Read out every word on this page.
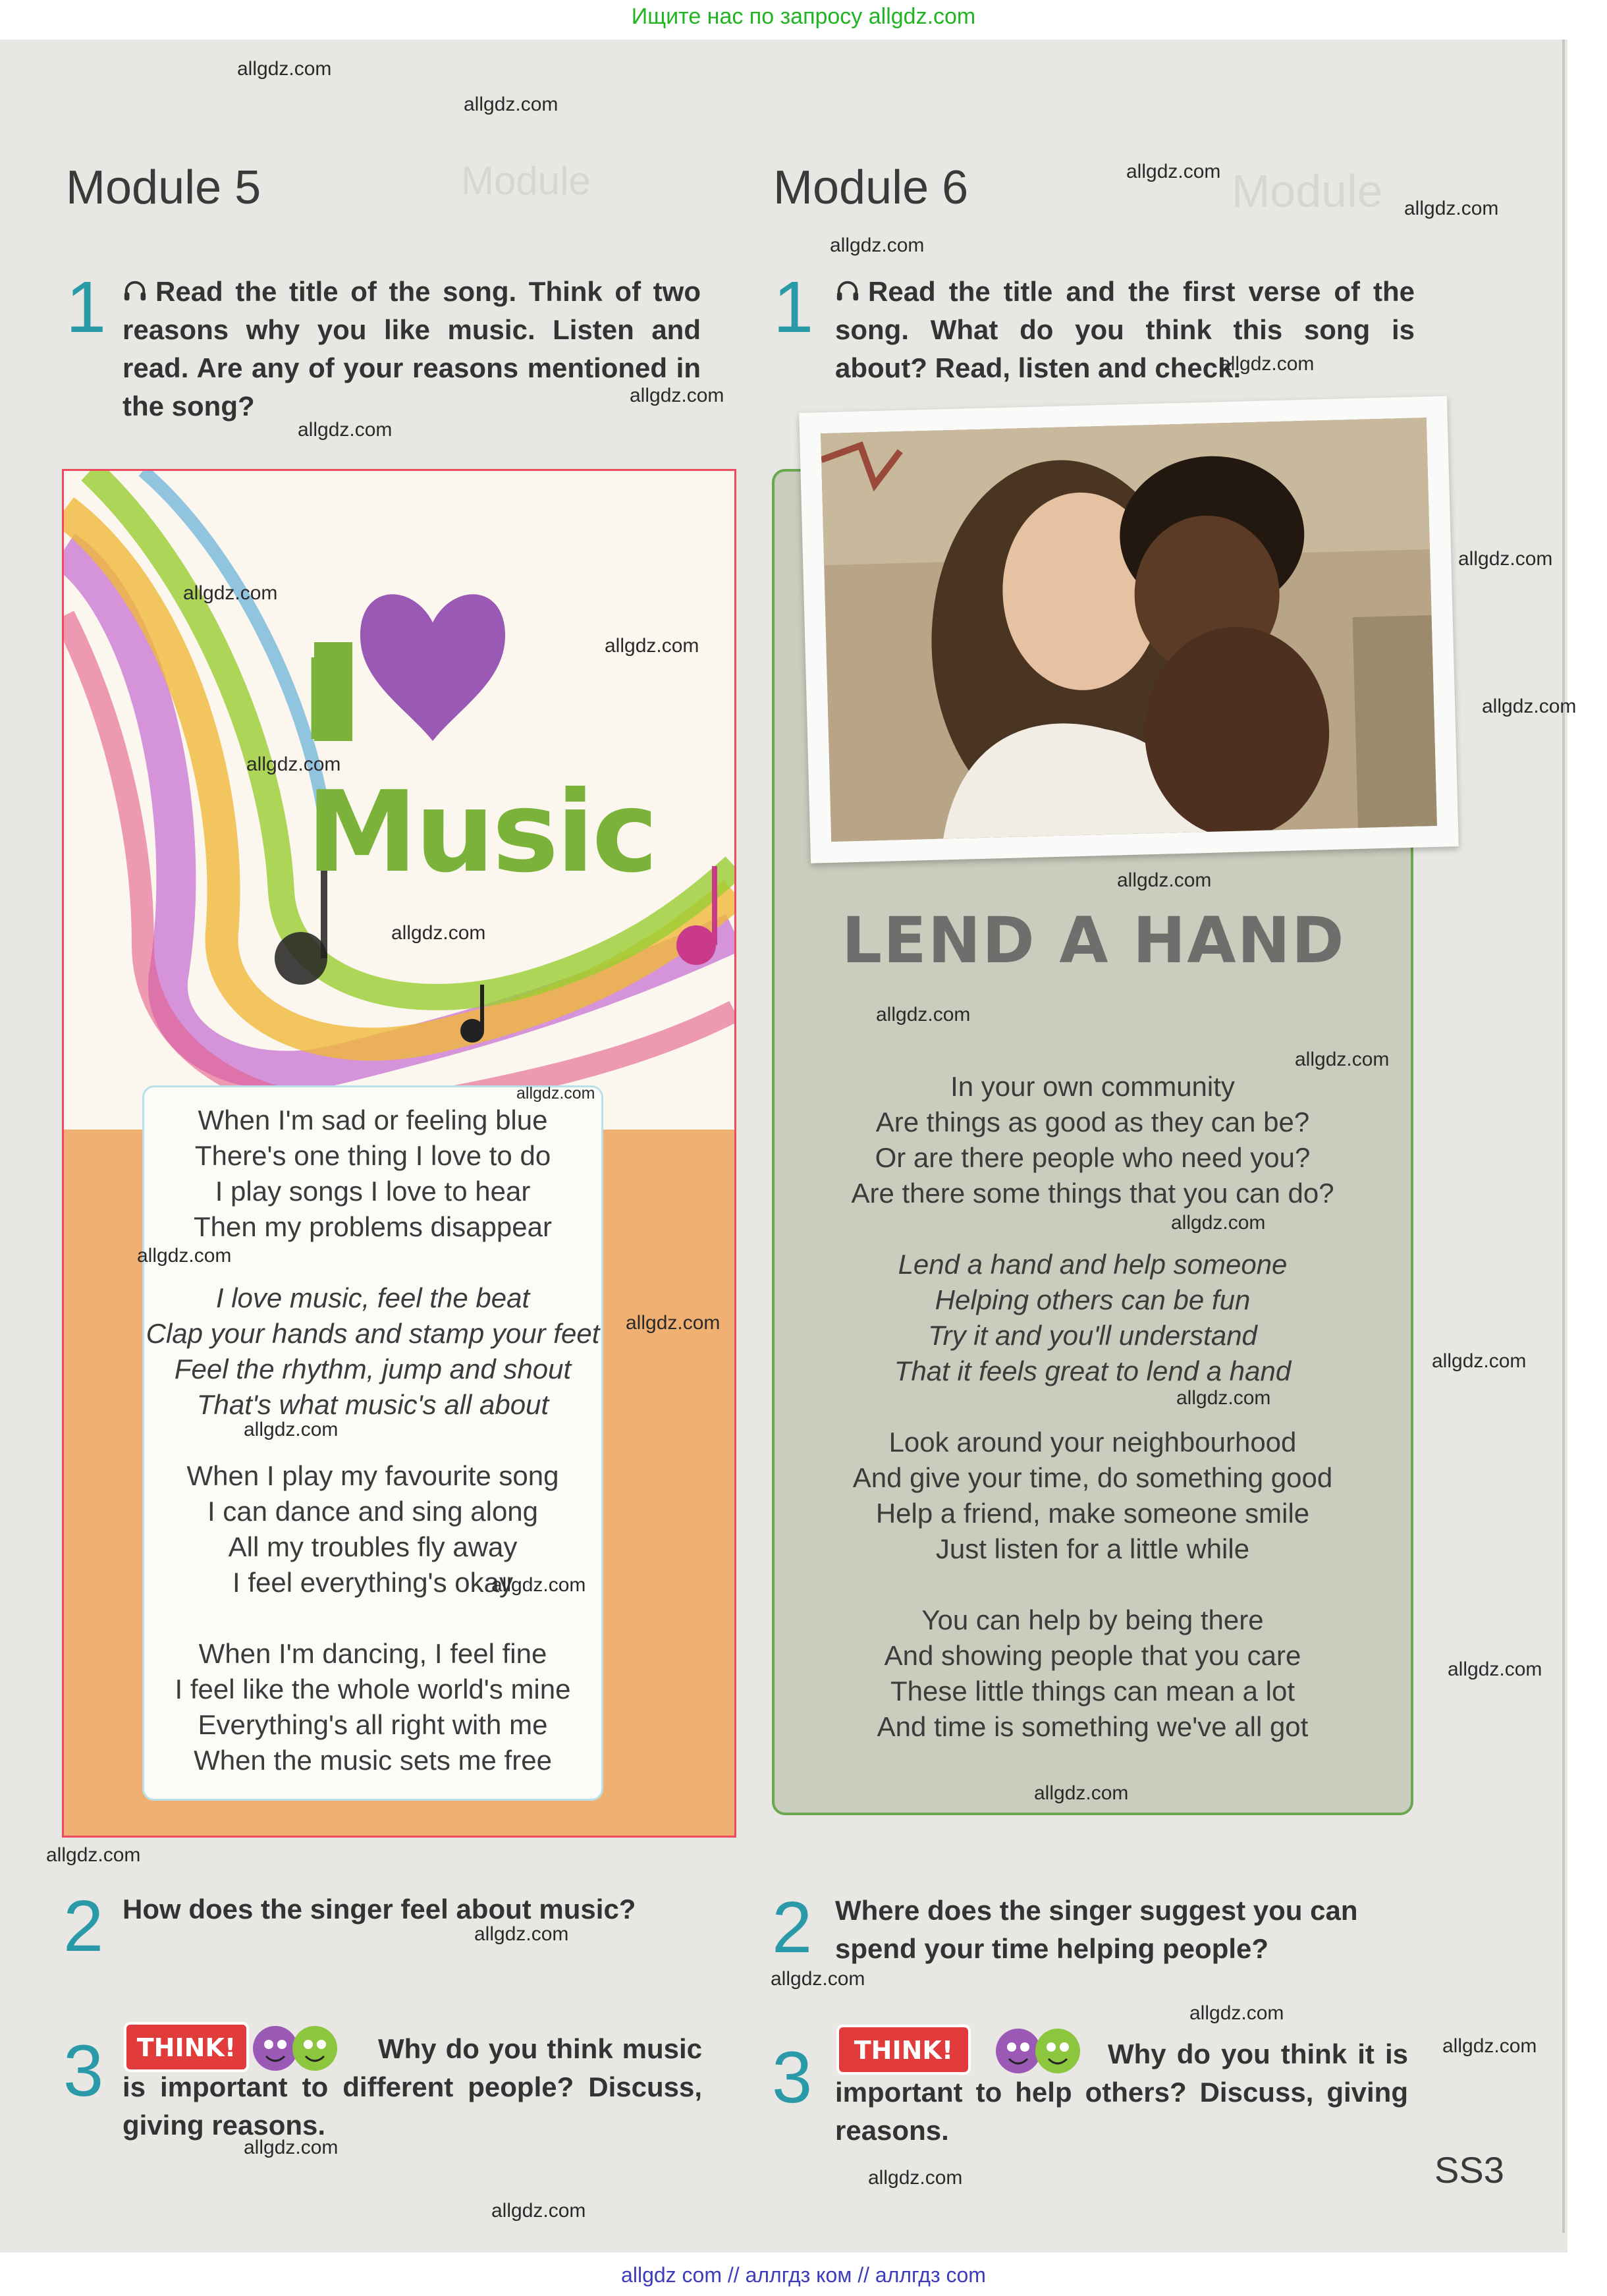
Ищите нас по запросу allgdz.com
Module
Module
Module 5
1	Read the title of the song. Think of two reasons why you like music. Listen and read. Are any of your reasons mentioned in the song?
I
Music
When I'm sad or feeling blue
There's one thing I love to do
I play songs I love to hear
Then my problems disappear
I love music, feel the beat
Clap your hands and stamp your feet
Feel the rhythm, jump and shout
That's what music's all about
When I play my favourite song
I can dance and sing along
All my troubles fly away
I feel everything's okay
When I'm dancing, I feel fine
I feel like the whole world's mine
Everything's all right with me
When the music sets me free
2 How does the singer feel about music?
3 THINK!	Why do you think music is important to different people? Discuss, giving reasons.
Module 6
1	Read the title and the first verse of the song. What do you think this song is about? Read, listen and check.
LEND A HAND
In your own community
Are things as good as they can be?
Or are there people who need you?
Are there some things that you can do?
Lend a hand and help someone
Helping others can be fun
Try it and you'll understand
That it feels great to lend a hand
Look around your neighbourhood
And give your time, do something good
Help a friend, make someone smile
Just listen for a little while
You can help by being there
And showing people that you care
These little things can mean a lot
And time is something we've all got
2 Where does the singer suggest you can spend your time helping people?
3 THINK!	Why do you think it is important to help others? Discuss, giving reasons.
SS3
allgdz.com
allgdz.com
allgdz.com
allgdz.com
allgdz.com
allgdz.com
allgdz.com
allgdz.com
allgdz.com
allgdz.com
allgdz.com
allgdz.com
allgdz.com
allgdz.com
allgdz.com
allgdz.com
allgdz.com
allgdz.com
allgdz.com
allgdz.com
allgdz.com
allgdz.com
allgdz.com
allgdz.com
allgdz.com
allgdz.com
allgdz.com
allgdz.com
allgdz.com
allgdz.com
allgdz.com
allgdz.com
allgdz.com
allgdz.com
allgdz.com
allgdz com // аллгдз ком // аллгдз com
